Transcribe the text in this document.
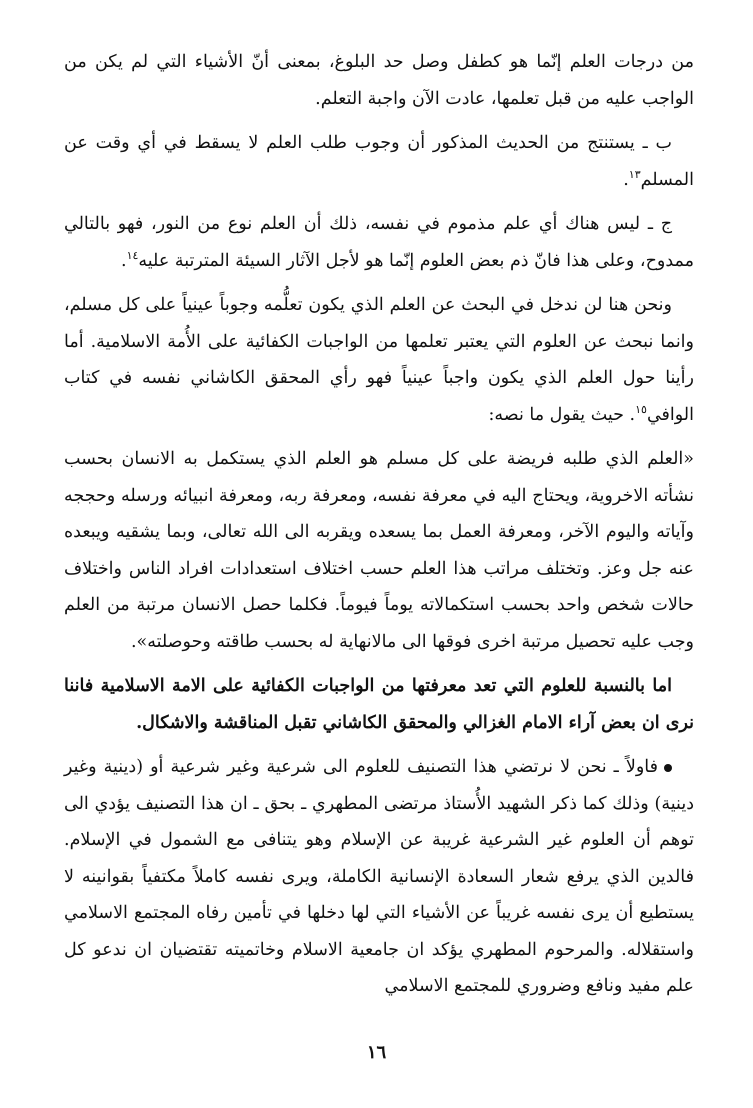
من درجات العلم إنّما هو كطفل وصل حد البلوغ، بمعنى أنّ الأشياء التي لم يكن من الواجب عليه من قبل تعلمها، عادت الآن واجبة التعلم.

ب ـ يستنتج من الحديث المذكور أن وجوب طلب العلم لا يسقط في أي وقت عن المسلم$^{١٣}$.

ج ـ ليس هناك أي علم مذموم في نفسه، ذلك أن العلم نوع من النور، فهو بالتالي ممدوح، وعلى هذا فانّ ذم بعض العلوم إنّما هو لأجل الآثار السيئة المترتبة عليه$^{١٤}$.

ونحن هنا لن ندخل في البحث عن العلم الذي يكون تعلُّمه وجوباً عينياً على كل مسلم، وانما نبحث عن العلوم التي يعتبر تعلمها من الواجبات الكفائية على الأُمة الاسلامية. أما رأينا حول العلم الذي يكون واجباً عينياً فهو رأي المحقق الكاشاني نفسه في كتاب الوافي$^{١٥}$. حيث يقول ما نصه:

«العلم الذي طلبه فريضة على كل مسلم هو العلم الذي يستكمل به الانسان بحسب نشأته الاخروية، ويحتاج اليه في معرفة نفسه، ومعرفة ربه، ومعرفة انبيائه ورسله وحججه وآياته واليوم الآخر، ومعرفة العمل بما يسعده ويقربه الى الله تعالى، وبما يشقيه ويبعده عنه جل وعز. وتختلف مراتب هذا العلم حسب اختلاف استعدادات افراد الناس واختلاف حالات شخص واحد بحسب استكمالاته يوماً فيوماً. فكلما حصل الانسان مرتبة من العلم وجب عليه تحصيل مرتبة اخرى فوقها الى مالانهاية له بحسب طاقته وحوصلته».

اما بالنسبة للعلوم التي تعد معرفتها من الواجبات الكفائية على الامة الاسلامية فاننا نرى ان بعض آراء الامام الغزالي والمحقق الكاشاني تقبل المناقشة والاشكال.

فاولاً ـ نحن لا نرتضي هذا التصنيف للعلوم الى شرعية وغير شرعية أو (دينية وغير دينية) وذلك كما ذكر الشهيد الأُستاذ مرتضى المطهري ـ بحق ـ ان هذا التصنيف يؤدي الى توهم أن العلوم غير الشرعية غريبة عن الإسلام وهو يتنافى مع الشمول في الإسلام. فالدين الذي يرفع شعار السعادة الإنسانية الكاملة، ويرى نفسه كاملاً مكتفياً بقوانينه لا يستطيع أن يرى نفسه غريباً عن الأشياء التي لها دخلها في تأمين رفاه المجتمع الاسلامي واستقلاله. والمرحوم المطهري يؤكد ان جامعية الاسلام وخاتميته تقتضيان ان ندعو كل علم مفيد ونافع وضروري للمجتمع الاسلامي

١٦
